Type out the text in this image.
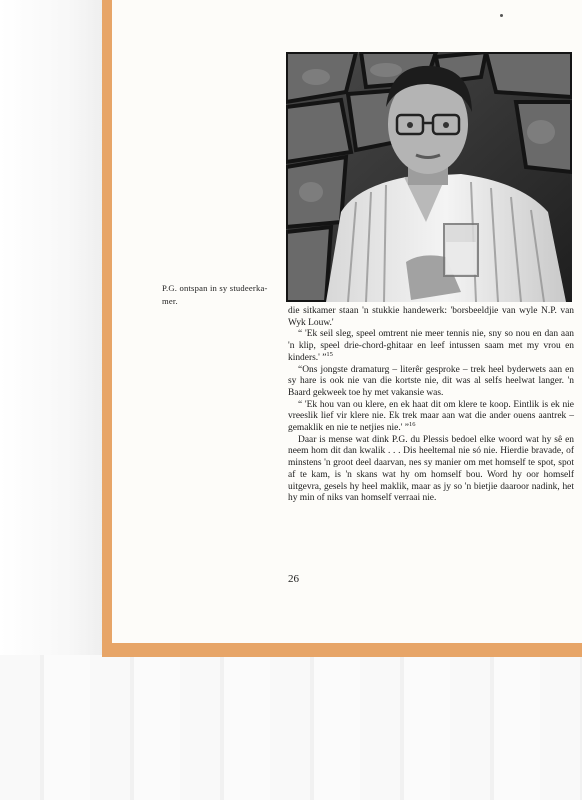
P.G. ontspan in sy studeerka-mer.

die sitkamer staan 'n stukkie handewerk: 'borsbeeldjie van wyle N.P. van Wyk Louw.'

“ 'Ek seil sleg, speel omtrent nie meer tennis nie, sny so nou en dan aan 'n klip, speel drie-chord-ghitaar en leef intussen saam met my vrou en kinders.' ”$^{15}$

“Ons jongste dramaturg – literêr gesproke – trek heel byderwets aan en sy hare is ook nie van die kortste nie, dit was al selfs heelwat langer. 'n Baard gekweek toe hy met vakansie was.

“ 'Ek hou van ou klere, en ek haat dit om klere te koop. Eintlik is ek nie vreeslik lief vir klere nie. Ek trek maar aan wat die ander ouens aantrek – gemaklik en nie te netjies nie.' ”$^{16}$

Daar is mense wat dink P.G. du Plessis bedoel elke woord wat hy sê en neem hom dit dan kwalik . . . Dis heeltemal nie só nie. Hierdie bravade, of minstens 'n groot deel daarvan, nes sy manier om met homself te spot, spot af te kam, is 'n skans wat hy om homself bou. Word hy oor homself uitgevra, gesels hy heel maklik, maar as jy so 'n bietjie daaroor nadink, het hy min of niks van homself verraai nie.

26
